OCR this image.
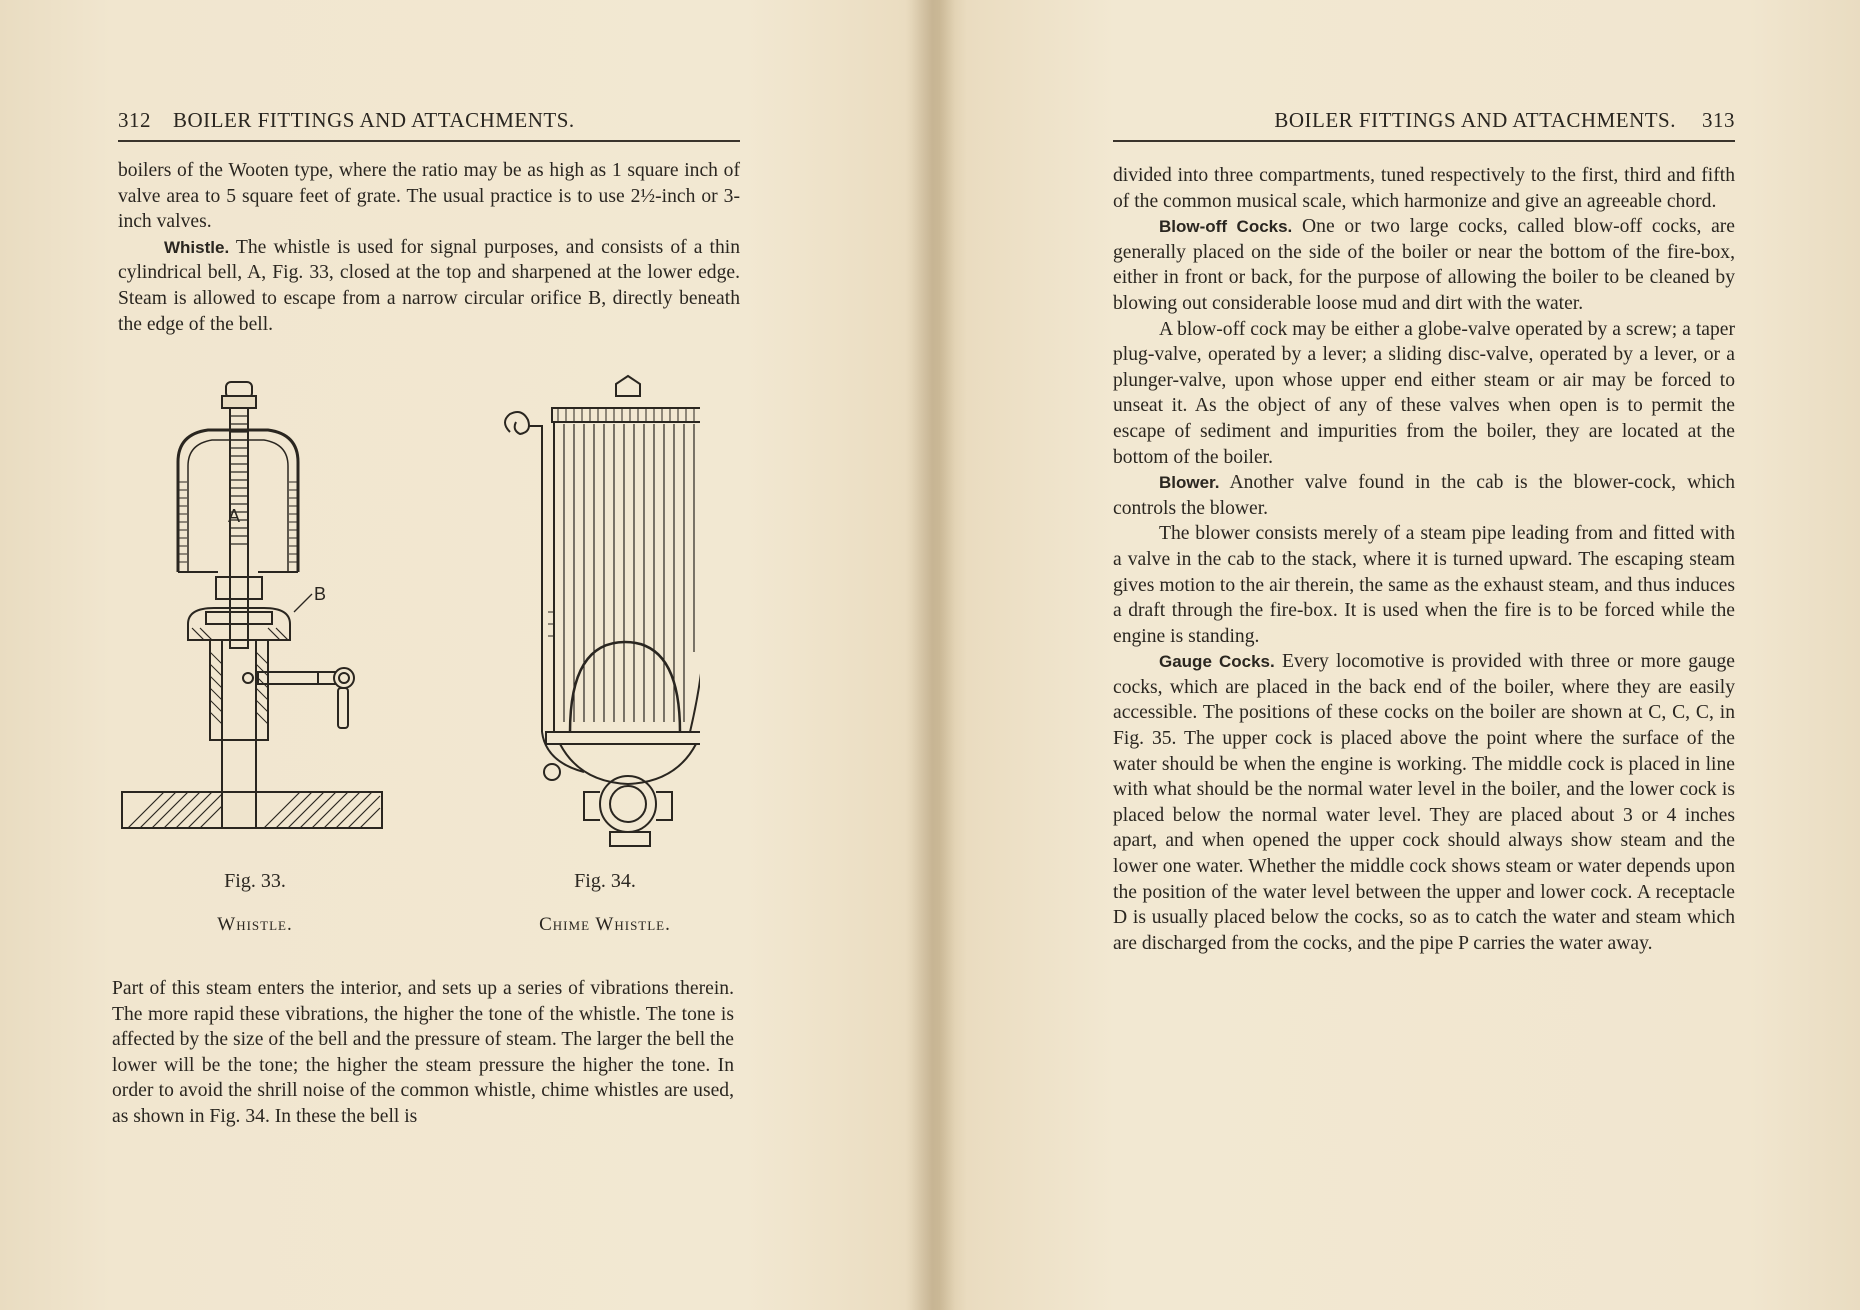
312 BOILER FITTINGS AND ATTACHMENTS.

boilers of the Wooten type, where the ratio may be as high as 1 square inch of valve area to 5 square feet of grate. The usual practice is to use 2½-inch or 3-inch valves.

Whistle. The whistle is used for signal purposes, and consists of a thin cylindrical bell, A, Fig. 33, closed at the top and sharpened at the lower edge. Steam is allowed to escape from a narrow circular orifice B, directly beneath the edge of the bell.

A
B
Fig. 33.
Whistle.
Fig. 34.
Chime Whistle.

Part of this steam enters the interior, and sets up a series of vibrations therein. The more rapid these vibrations, the higher the tone of the whistle. The tone is affected by the size of the bell and the pressure of steam. The larger the bell the lower will be the tone; the higher the steam pressure the higher the tone. In order to avoid the shrill noise of the common whistle, chime whistles are used, as shown in Fig. 34. In these the bell is

BOILER FITTINGS AND ATTACHMENTS. 313

divided into three compartments, tuned respectively to the first, third and fifth of the common musical scale, which harmonize and give an agreeable chord.

Blow-off Cocks. One or two large cocks, called blow-off cocks, are generally placed on the side of the boiler or near the bottom of the fire-box, either in front or back, for the purpose of allowing the boiler to be cleaned by blowing out considerable loose mud and dirt with the water.

A blow-off cock may be either a globe-valve operated by a screw; a taper plug-valve, operated by a lever; a sliding disc-valve, operated by a lever, or a plunger-valve, upon whose upper end either steam or air may be forced to unseat it. As the object of any of these valves when open is to permit the escape of sediment and impurities from the boiler, they are located at the bottom of the boiler.

Blower. Another valve found in the cab is the blower-cock, which controls the blower.

The blower consists merely of a steam pipe leading from and fitted with a valve in the cab to the stack, where it is turned upward. The escaping steam gives motion to the air therein, the same as the exhaust steam, and thus induces a draft through the fire-box. It is used when the fire is to be forced while the engine is standing.

Gauge Cocks. Every locomotive is provided with three or more gauge cocks, which are placed in the back end of the boiler, where they are easily accessible. The positions of these cocks on the boiler are shown at C, C, C, in Fig. 35. The upper cock is placed above the point where the surface of the water should be when the engine is working. The middle cock is placed in line with what should be the normal water level in the boiler, and the lower cock is placed below the normal water level. They are placed about 3 or 4 inches apart, and when opened the upper cock should always show steam and the lower one water. Whether the middle cock shows steam or water depends upon the position of the water level between the upper and lower cock. A receptacle D is usually placed below the cocks, so as to catch the water and steam which are discharged from the cocks, and the pipe P carries the water away.
